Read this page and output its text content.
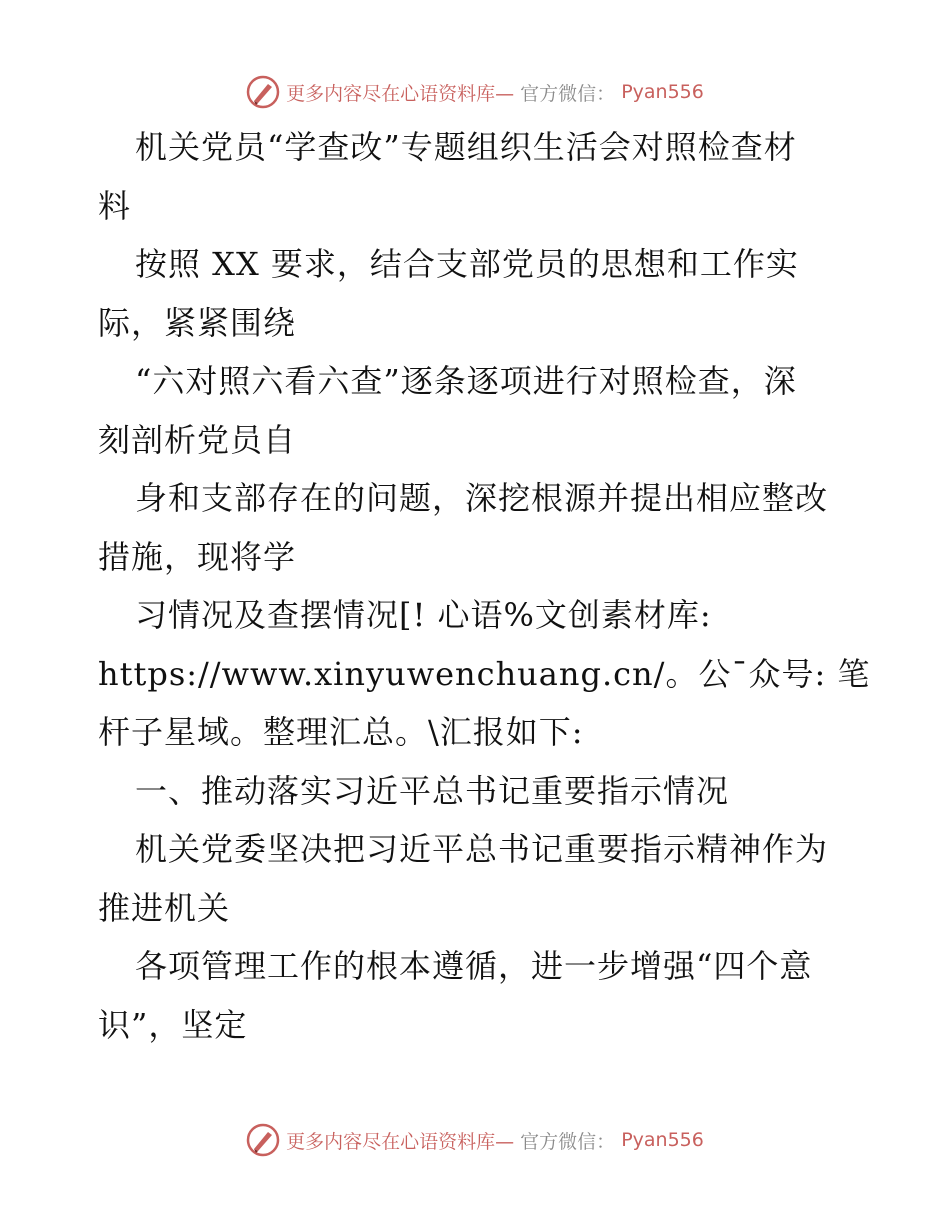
更多内容尽在心语资料库— 官方微信： Pyan556
机关党员“学查改”专题组织生活会对照检查材
料
按照 XX 要求，结合支部党员的思想和工作实
际，紧紧围绕
“六对照六看六查”逐条逐项进行对照检查，深
刻剖析党员自
身和支部存在的问题，深挖根源并提出相应整改
措施，现将学
习情况及查摆情况[! 心语%文创素材库:
https://www.xinyuwenchuang.cn/。公¯众号: 笔
杆子星域。整理汇总。\汇报如下:
一、推动落实习近平总书记重要指示情况
机关党委坚决把习近平总书记重要指示精神作为
推进机关
各项管理工作的根本遵循，进一步增强“四个意
识”，坚定
更多内容尽在心语资料库— 官方微信： Pyan556
